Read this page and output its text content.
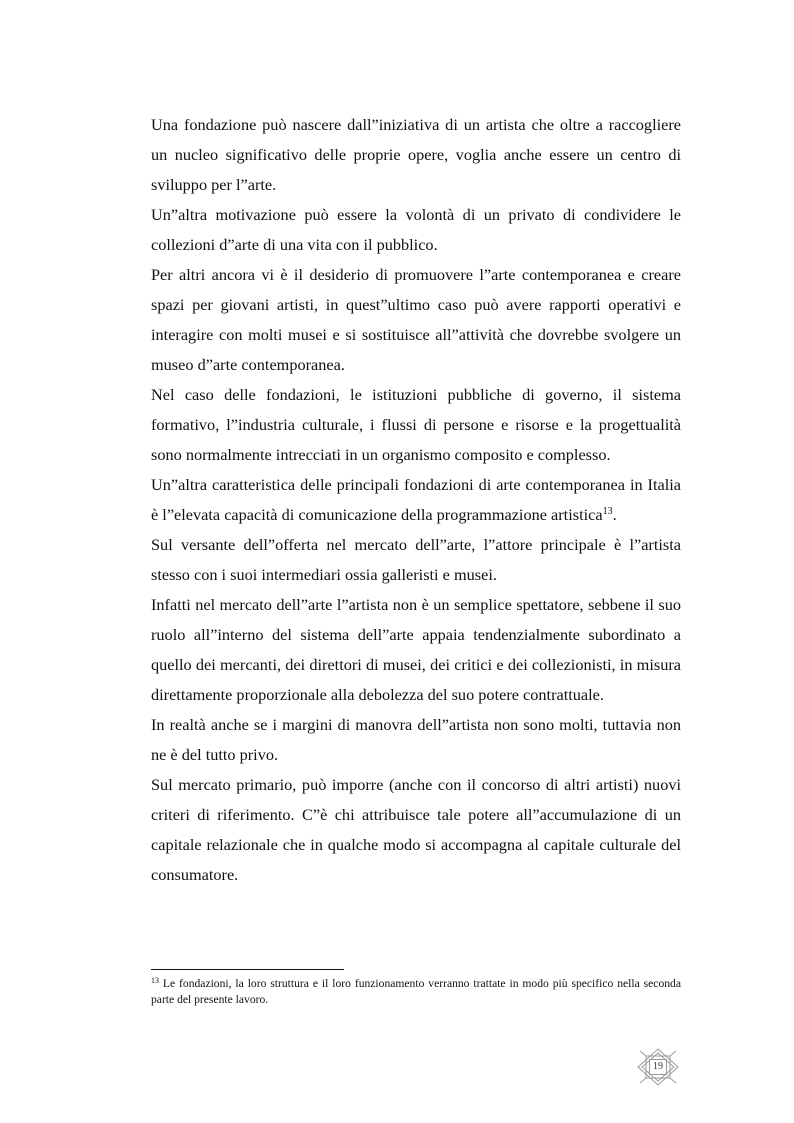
Una fondazione può nascere dall”iniziativa di un artista che oltre a raccogliere un nucleo significativo delle proprie opere, voglia anche essere un centro di sviluppo per l”arte.

Un”altra motivazione può essere la volontà di un privato di condividere le collezioni d”arte di una vita con il pubblico.

Per altri ancora vi è il desiderio di promuovere l”arte contemporanea e creare spazi per giovani artisti, in quest”ultimo caso può avere rapporti operativi e interagire con molti musei e si sostituisce all”attività che dovrebbe svolgere un museo d”arte contemporanea.

Nel caso delle fondazioni, le istituzioni pubbliche di governo, il sistema formativo, l”industria culturale, i flussi di persone e risorse e la progettualità sono normalmente intrecciati in un organismo composito e complesso.

Un”altra caratteristica delle principali fondazioni di arte contemporanea in Italia è l”elevata capacità di comunicazione della programmazione artistica$^{13}$.

Sul versante dell”offerta nel mercato dell”arte, l”attore principale è l”artista stesso con i suoi intermediari ossia galleristi e musei.

Infatti nel mercato dell”arte l”artista non è un semplice spettatore, sebbene il suo ruolo all”interno del sistema dell”arte appaia tendenzialmente subordinato a quello dei mercanti, dei direttori di musei, dei critici e dei collezionisti, in misura direttamente proporzionale alla debolezza del suo potere contrattuale.

In realtà anche se i margini di manovra dell”artista non sono molti, tuttavia non ne è del tutto privo.

Sul mercato primario, può imporre (anche con il concorso di altri artisti) nuovi criteri di riferimento. C”è chi attribuisce tale potere all”accumulazione di un capitale relazionale che in qualche modo si accompagna al capitale culturale del consumatore.

$^{13}$ Le fondazioni, la loro struttura e il loro funzionamento verranno trattate in modo più specifico nella seconda parte del presente lavoro.

19
